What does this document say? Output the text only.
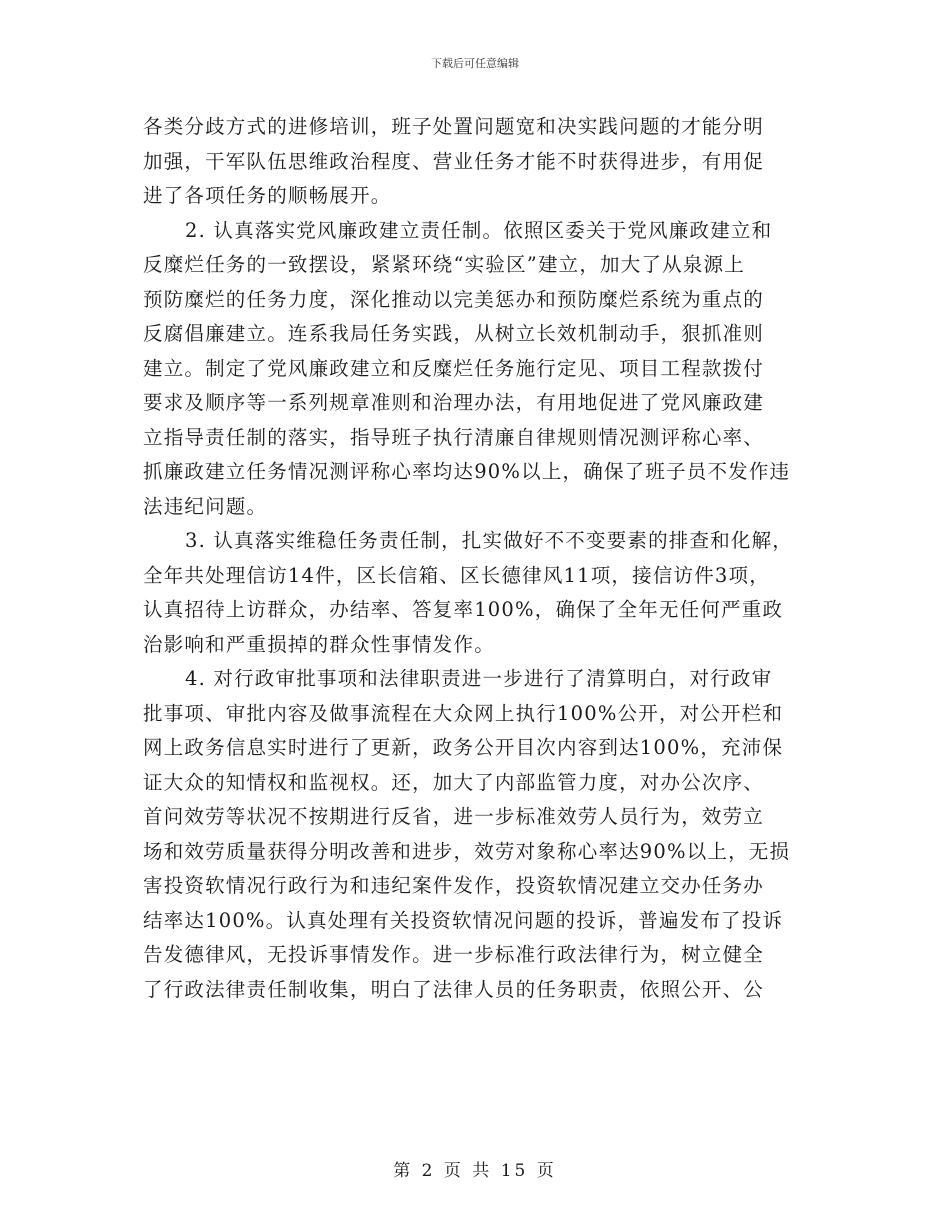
下载后可任意编辑
各类分歧方式的进修培训，班子处置问题宽和决实践问题的才能分明
加强，干军队伍思维政治程度、营业任务才能不时获得进步，有用促
进了各项任务的顺畅展开。
2. 认真落实党风廉政建立责任制。依照区委关于党风廉政建立和
反糜烂任务的一致摆设，紧紧环绕“实验区”建立，加大了从泉源上
预防糜烂的任务力度，深化推动以完美惩办和预防糜烂系统为重点的
反腐倡廉建立。连系我局任务实践，从树立长效机制动手，狠抓准则
建立。制定了党风廉政建立和反糜烂任务施行定见、项目工程款拨付
要求及顺序等一系列规章准则和治理办法，有用地促进了党风廉政建
立指导责任制的落实，指导班子执行清廉自律规则情况测评称心率、
抓廉政建立任务情况测评称心率均达90%以上，确保了班子员不发作违
法违纪问题。
3. 认真落实维稳任务责任制，扎实做好不不变要素的排查和化解，
全年共处理信访14件，区长信箱、区长德律风11项，接信访件3项，
认真招待上访群众，办结率、答复率100%，确保了全年无任何严重政
治影响和严重损掉的群众性事情发作。
4. 对行政审批事项和法律职责进一步进行了清算明白，对行政审
批事项、审批内容及做事流程在大众网上执行100%公开，对公开栏和
网上政务信息实时进行了更新，政务公开目次内容到达100%，充沛保
证大众的知情权和监视权。还，加大了内部监管力度，对办公次序、
首问效劳等状况不按期进行反省，进一步标准效劳人员行为，效劳立
场和效劳质量获得分明改善和进步，效劳对象称心率达90%以上，无损
害投资软情况行政行为和违纪案件发作，投资软情况建立交办任务办
结率达100%。认真处理有关投资软情况问题的投诉，普遍发布了投诉
告发德律风，无投诉事情发作。进一步标准行政法律行为，树立健全
了行政法律责任制收集，明白了法律人员的任务职责，依照公开、公
第 2 页 共 15 页
